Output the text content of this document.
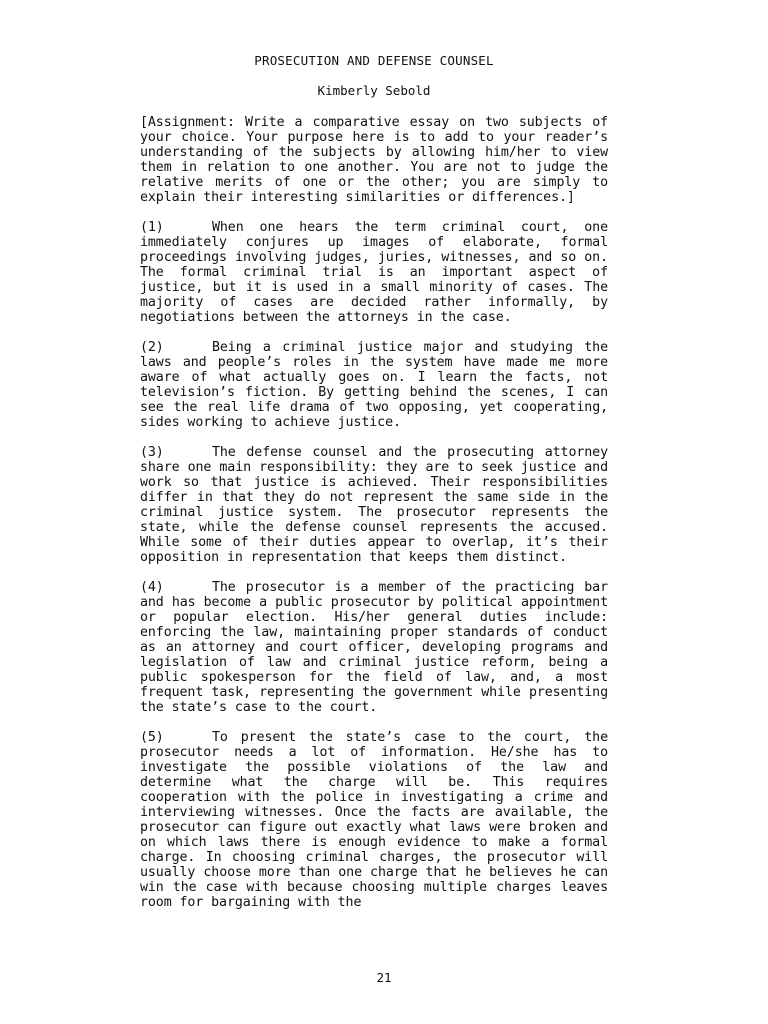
PROSECUTION AND DEFENSE COUNSEL

Kimberly Sebold

[Assignment: Write a comparative essay on two subjects of your choice. Your purpose here is to add to your reader’s understanding of the subjects by allowing him/her to view them in relation to one another. You are not to judge the relative merits of one or the other; you are simply to explain their interesting similarities or differences.]

(1)	When one hears the term criminal court, one immediately conjures up images of elaborate, formal proceedings involving judges, juries, witnesses, and so on. The formal criminal trial is an important aspect of justice, but it is used in a small minority of cases. The majority of cases are decided rather informally, by negotiations between the attorneys in the case.

(2)	Being a criminal justice major and studying the laws and people’s roles in the system have made me more aware of what actually goes on. I learn the facts, not television’s fiction. By getting behind the scenes, I can see the real life drama of two opposing, yet cooperating, sides working to achieve justice.

(3)	The defense counsel and the prosecuting attorney share one main responsibility: they are to seek justice and work so that justice is achieved. Their responsibilities differ in that they do not represent the same side in the criminal justice system. The prosecutor represents the state, while the defense counsel represents the accused. While some of their duties appear to overlap, it’s their opposition in representation that keeps them distinct.

(4)	The prosecutor is a member of the practicing bar and has become a public prosecutor by political appointment or popular election. His/her general duties include: enforcing the law, maintaining proper standards of conduct as an attorney and court officer, developing programs and legislation of law and criminal justice reform, being a public spokesperson for the field of law, and, a most frequent task, representing the government while presenting the state’s case to the court.

(5)	To present the state’s case to the court, the prosecutor needs a lot of information. He/she has to investigate the possible violations of the law and determine what the charge will be. This requires cooperation with the police in investigating a crime and interviewing witnesses. Once the facts are available, the prosecutor can figure out exactly what laws were broken and on which laws there is enough evidence to make a formal charge. In choosing criminal charges, the prosecutor will usually choose more than one charge that he believes he can win the case with because choosing multiple charges leaves room for bargaining with the

21
